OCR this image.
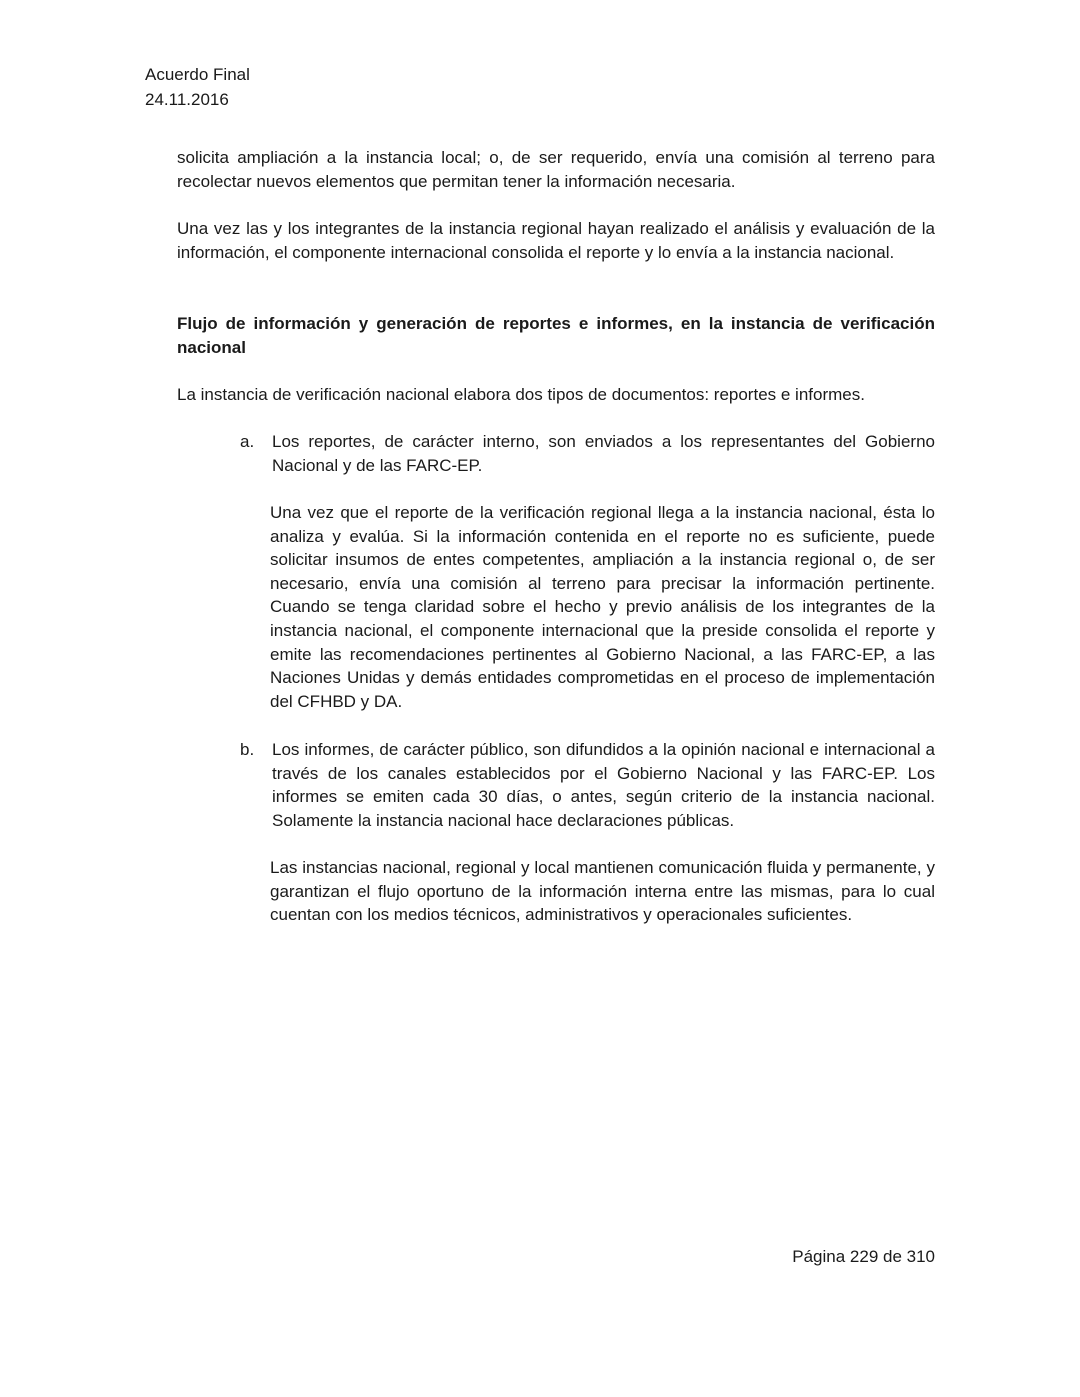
Acuerdo Final
24.11.2016

solicita ampliación a la instancia local; o, de ser requerido, envía una comisión al terreno para recolectar nuevos elementos que permitan tener la información necesaria.

Una vez las y los integrantes de la instancia regional hayan realizado el análisis y evaluación de la información, el componente internacional consolida el reporte y lo envía a la instancia nacional.

Flujo de información y generación de reportes e informes, en la instancia de verificación nacional

La instancia de verificación nacional elabora dos tipos de documentos: reportes e informes.

a.	Los reportes, de carácter interno, son enviados a los representantes del Gobierno Nacional y de las FARC-EP.
Una vez que el reporte de la verificación regional llega a la instancia nacional, ésta lo analiza y evalúa. Si la información contenida en el reporte no es suficiente, puede solicitar insumos de entes competentes, ampliación a la instancia regional o, de ser necesario, envía una comisión al terreno para precisar la información pertinente. Cuando se tenga claridad sobre el hecho y previo análisis de los integrantes de la instancia nacional, el componente internacional que la preside consolida el reporte y emite las recomendaciones pertinentes al Gobierno Nacional, a las FARC-EP, a las Naciones Unidas y demás entidades comprometidas en el proceso de implementación del CFHBD y DA.
b.	Los informes, de carácter público, son difundidos a la opinión nacional e internacional a través de los canales establecidos por el Gobierno Nacional y las FARC-EP. Los informes se emiten cada 30 días, o antes, según criterio de la instancia nacional. Solamente la instancia nacional hace declaraciones públicas.
Las instancias nacional, regional y local mantienen comunicación fluida y permanente, y garantizan el flujo oportuno de la información interna entre las mismas, para lo cual cuentan con los medios técnicos, administrativos y operacionales suficientes.
Página 229 de 310
